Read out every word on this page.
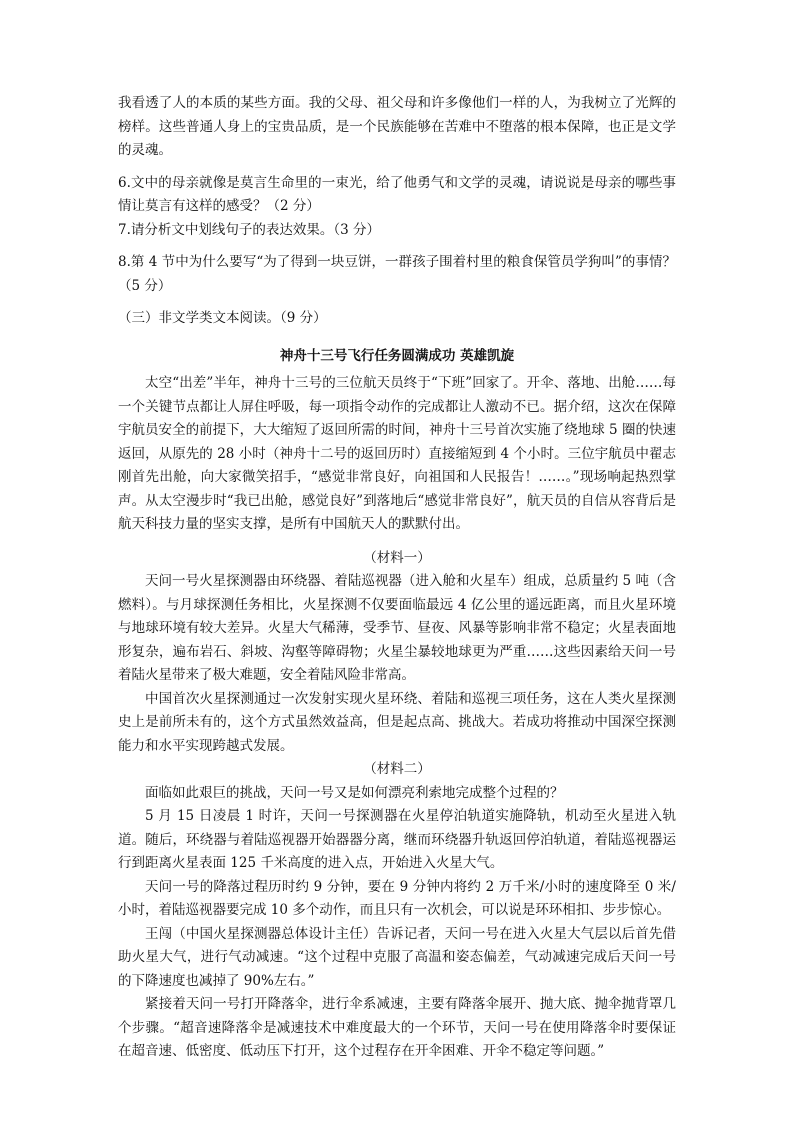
我看透了人的本质的某些方面。我的父母、祖父母和许多像他们一样的人，为我树立了光辉的榜样。这些普通人身上的宝贵品质，是一个民族能够在苦难中不堕落的根本保障，也正是文学的灵魂。

6.文中的母亲就像是莫言生命里的一束光，给了他勇气和文学的灵魂，请说说是母亲的哪些事情让莫言有这样的感受？（2 分）

7.请分析文中划线句子的表达效果。（3 分）

8.第 4 节中为什么要写“为了得到一块豆饼，一群孩子围着村里的粮食保管员学狗叫”的事情？（5 分）

（三）非文学类文本阅读。（9 分）

神舟十三号飞行任务圆满成功 英雄凯旋

太空“出差”半年，神舟十三号的三位航天员终于“下班”回家了。开伞、落地、出舱……每一个关键节点都让人屏住呼吸，每一项指令动作的完成都让人激动不已。据介绍，这次在保障宇航员安全的前提下，大大缩短了返回所需的时间，神舟十三号首次实施了绕地球 5 圈的快速返回，从原先的 28 小时（神舟十二号的返回历时）直接缩短到 4 个小时。三位宇航员中翟志刚首先出舱，向大家微笑招手，“感觉非常良好，向祖国和人民报告！……。”现场响起热烈掌声。从太空漫步时“我已出舱，感觉良好”到落地后“感觉非常良好”，航天员的自信从容背后是航天科技力量的坚实支撑，是所有中国航天人的默默付出。

（材料一）

天问一号火星探测器由环绕器、着陆巡视器（进入舱和火星车）组成，总质量约 5 吨（含燃料）。与月球探测任务相比，火星探测不仅要面临最远 4 亿公里的遥远距离，而且火星环境与地球环境有较大差异。火星大气稀薄，受季节、昼夜、风暴等影响非常不稳定；火星表面地形复杂，遍布岩石、斜坡、沟壑等障碍物；火星尘暴较地球更为严重……这些因素给天问一号着陆火星带来了极大难题，安全着陆风险非常高。

中国首次火星探测通过一次发射实现火星环绕、着陆和巡视三项任务，这在人类火星探测史上是前所未有的，这个方式虽然效益高，但是起点高、挑战大。若成功将推动中国深空探测能力和水平实现跨越式发展。

（材料二）

面临如此艰巨的挑战，天问一号又是如何漂亮利索地完成整个过程的？

5 月 15 日凌晨 1 时许，天问一号探测器在火星停泊轨道实施降轨，机动至火星进入轨道。随后，环绕器与着陆巡视器开始器器分离，继而环绕器升轨返回停泊轨道，着陆巡视器运行到距离火星表面 125 千米高度的进入点，开始进入火星大气。

天问一号的降落过程历时约 9 分钟，要在 9 分钟内将约 2 万千米/小时的速度降至 0 米/小时，着陆巡视器要完成 10 多个动作，而且只有一次机会，可以说是环环相扣、步步惊心。

王闯（中国火星探测器总体设计主任）告诉记者，天问一号在进入火星大气层以后首先借助火星大气，进行气动减速。“这个过程中克服了高温和姿态偏差，气动减速完成后天问一号的下降速度也减掉了 90%左右。”

紧接着天问一号打开降落伞，进行伞系减速，主要有降落伞展开、抛大底、抛伞抛背罩几个步骤。“超音速降落伞是减速技术中难度最大的一个环节，天问一号在使用降落伞时要保证在超音速、低密度、低动压下打开，这个过程存在开伞困难、开伞不稳定等问题。”
